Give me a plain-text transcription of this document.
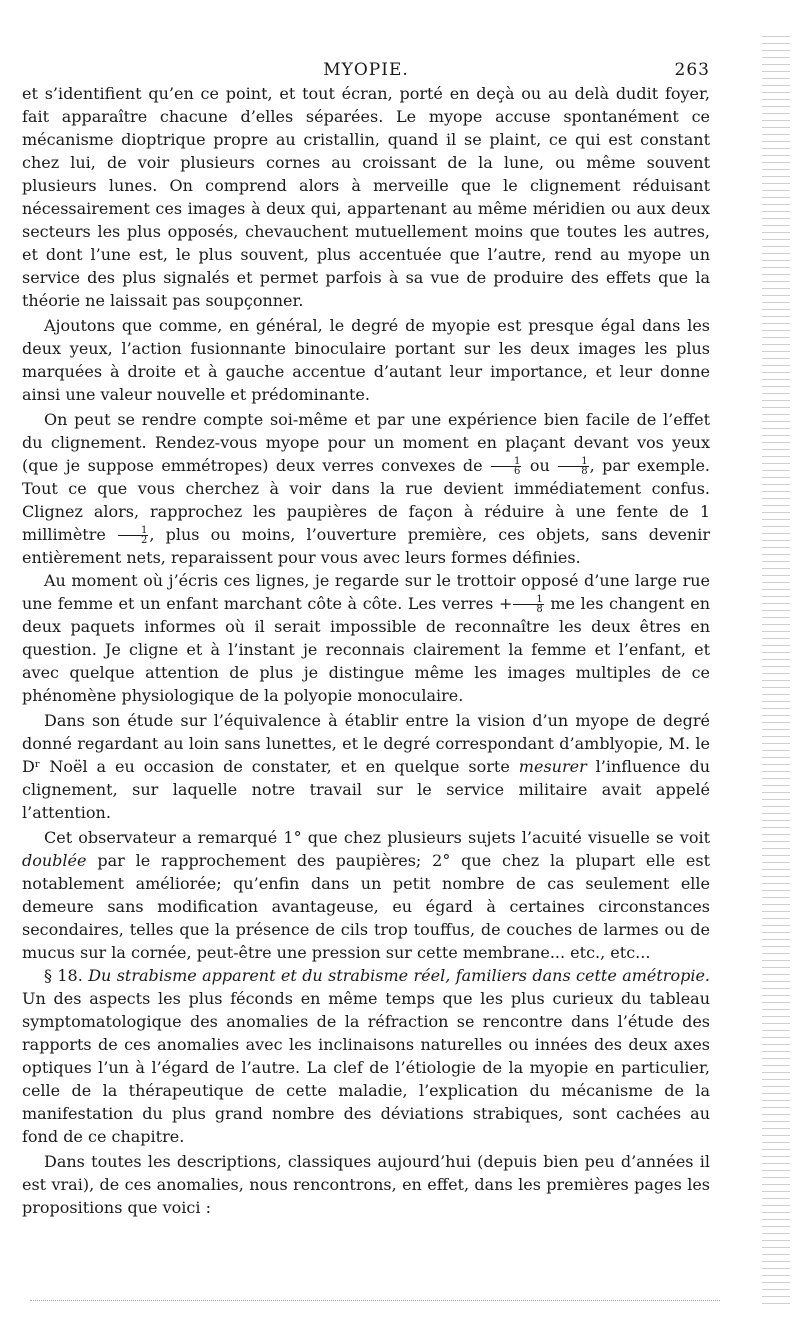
MYOPIE.	263

et s’identifient qu’en ce point, et tout écran, porté en deçà ou au delà dudit foyer, fait apparaître chacune d’elles séparées. Le myope accuse spontanément ce mécanisme dioptrique propre au cristallin, quand il se plaint, ce qui est constant chez lui, de voir plusieurs cornes au croissant de la lune, ou même souvent plusieurs lunes. On comprend alors à merveille que le clignement réduisant nécessairement ces images à deux qui, appartenant au même méridien ou aux deux secteurs les plus opposés, chevauchent mutuellement moins que toutes les autres, et dont l’une est, le plus souvent, plus accentuée que l’autre, rend au myope un service des plus signalés et permet parfois à sa vue de produire des effets que la théorie ne laissait pas soupçonner.

Ajoutons que comme, en général, le degré de myopie est presque égal dans les deux yeux, l’action fusionnante binoculaire portant sur les deux images les plus marquées à droite et à gauche accentue d’autant leur importance, et leur donne ainsi une valeur nouvelle et prédominante.

On peut se rendre compte soi-même et par une expérience bien facile de l’effet du clignement. Rendez-vous myope pour un moment en plaçant devant vos yeux (que je suppose emmétropes) deux verres convexes de $\frac{1}{6}$ ou $\frac{1}{8}$ , par exemple. Tout ce que vous cherchez à voir dans la rue devient immédiatement confus. Clignez alors, rapprochez les paupières de façon à réduire à une fente de 1 millimètre $\frac{1}{2}$ , plus ou moins, l’ouverture première, ces objets, sans devenir entièrement nets, reparaissent pour vous avec leurs formes définies.

Au moment où j’écris ces lignes, je regarde sur le trottoir opposé d’une large rue une femme et un enfant marchant côte à côte. Les verres + $\frac{1}{8}$ me les changent en deux paquets informes où il serait impossible de reconnaître les deux êtres en question. Je cligne et à l’instant je reconnais clairement la femme et l’enfant, et avec quelque attention de plus je distingue même les images multiples de ce phénomène physiologique de la polyopie monoculaire.

Dans son étude sur l’équivalence à établir entre la vision d’un myope de degré donné regardant au loin sans lunettes, et le degré correspondant d’amblyopie, M. le Dʳ Noël a eu occasion de constater, et en quelque sorte mesurer l’influence du clignement, sur laquelle notre travail sur le service militaire avait appelé l’attention.

Cet observateur a remarqué 1° que chez plusieurs sujets l’acuité visuelle se voit doublée par le rapprochement des paupières; 2° que chez la plupart elle est notablement améliorée; qu’enfin dans un petit nombre de cas seulement elle demeure sans modification avantageuse, eu égard à certaines circonstances secondaires, telles que la présence de cils trop touffus, de couches de larmes ou de mucus sur la cornée, peut-être une pression sur cette membrane... etc., etc...

§ 18. Du strabisme apparent et du strabisme réel, familiers dans cette amétropie. Un des aspects les plus féconds en même temps que les plus curieux du tableau symptomatologique des anomalies de la réfraction se rencontre dans l’étude des rapports de ces anomalies avec les inclinaisons naturelles ou innées des deux axes optiques l’un à l’égard de l’autre. La clef de l’étiologie de la myopie en particulier, celle de la thérapeutique de cette maladie, l’explication du mécanisme de la manifestation du plus grand nombre des déviations strabiques, sont cachées au fond de ce chapitre.

Dans toutes les descriptions, classiques aujourd’hui (depuis bien peu d’années il est vrai), de ces anomalies, nous rencontrons, en effet, dans les premières pages les propositions que voici :
